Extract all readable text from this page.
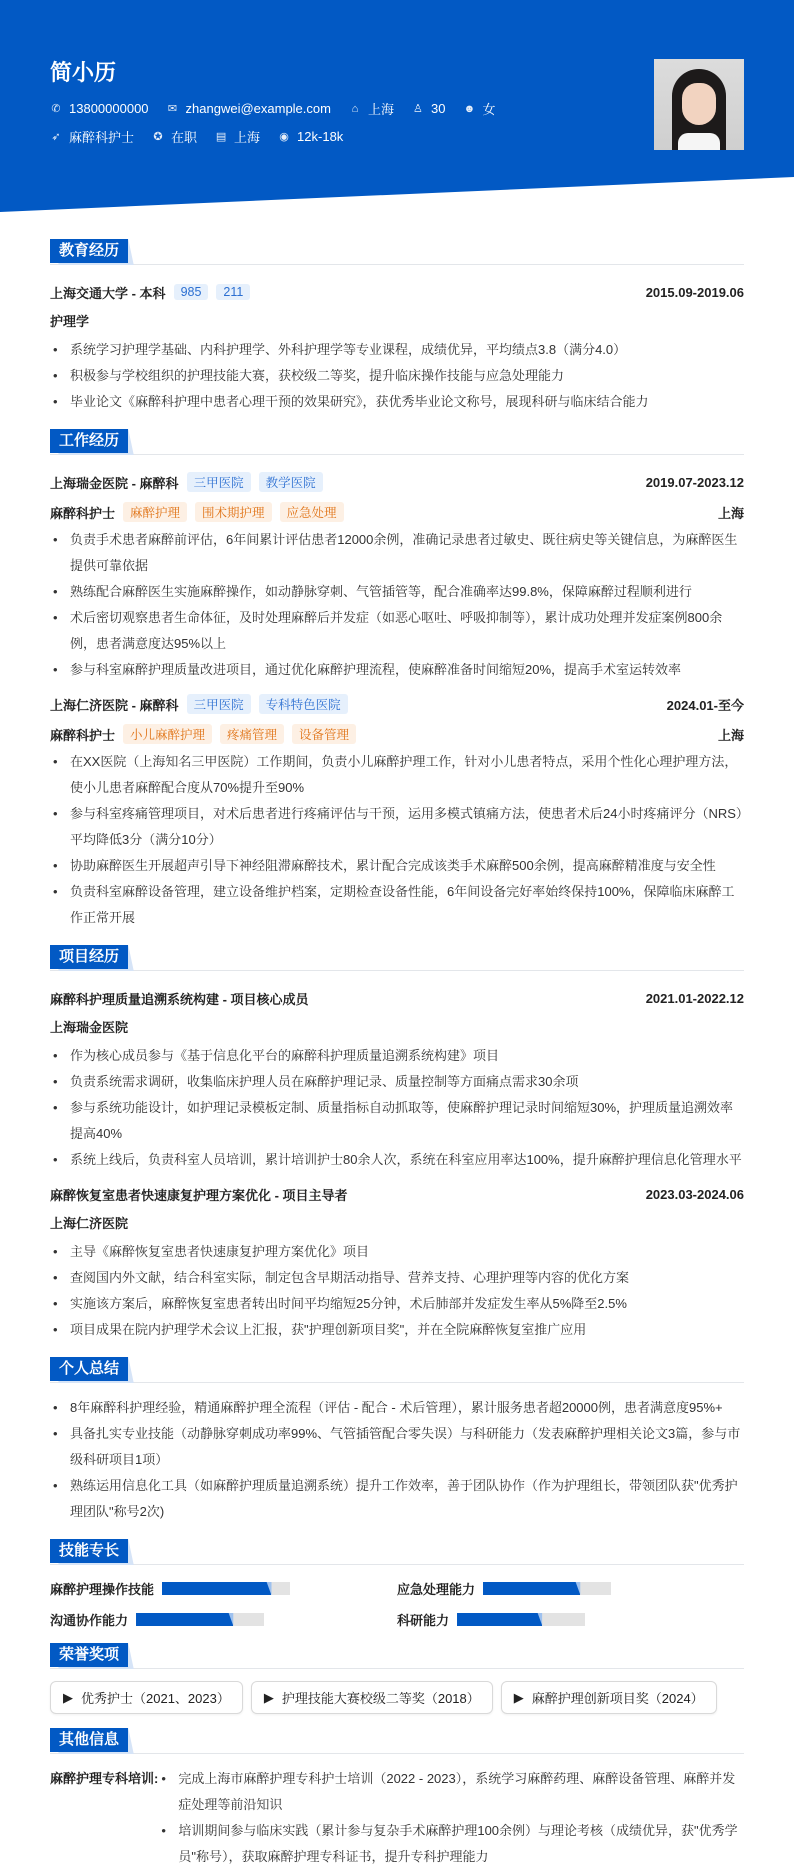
简小历
✆ 13800000000 ✉ zhangwei@example.com ⌂ 上海 ♙ 30 ☻ 女
➶ 麻醉科护士 ✪ 在职 ▤ 上海 ◉ 12k-18k
教育经历
上海交通大学 - 本科	985	211	2015.09-2019.06
护理学
• 系统学习护理学基础、内科护理学、外科护理学等专业课程，成绩优异，平均绩点3.8（满分4.0）
• 积极参与学校组织的护理技能大赛，获校级二等奖，提升临床操作技能与应急处理能力
• 毕业论文《麻醉科护理中患者心理干预的效果研究》，获优秀毕业论文称号，展现科研与临床结合能力
工作经历
上海瑞金医院 - 麻醉科	三甲医院	教学医院	2019.07-2023.12
麻醉科护士	麻醉护理	围术期护理	应急处理	上海
• 负责手术患者麻醉前评估，6年间累计评估患者12000余例，准确记录患者过敏史、既往病史等关键信息，为麻醉医生提供可靠依据
• 熟练配合麻醉医生实施麻醉操作，如动静脉穿刺、气管插管等，配合准确率达99.8%，保障麻醉过程顺利进行
• 术后密切观察患者生命体征，及时处理麻醉后并发症（如恶心呕吐、呼吸抑制等），累计成功处理并发症案例800余例，患者满意度达95%以上
• 参与科室麻醉护理质量改进项目，通过优化麻醉护理流程，使麻醉准备时间缩短20%，提高手术室运转效率
上海仁济医院 - 麻醉科	三甲医院	专科特色医院	2024.01-至今
麻醉科护士	小儿麻醉护理	疼痛管理	设备管理	上海
• 在XX医院（上海知名三甲医院）工作期间，负责小儿麻醉护理工作，针对小儿患者特点，采用个性化心理护理方法，使小儿患者麻醉配合度从70%提升至90%
• 参与科室疼痛管理项目，对术后患者进行疼痛评估与干预，运用多模式镇痛方法，使患者术后24小时疼痛评分（NRS）平均降低3分（满分10分）
• 协助麻醉医生开展超声引导下神经阻滞麻醉技术，累计配合完成该类手术麻醉500余例，提高麻醉精准度与安全性
• 负责科室麻醉设备管理，建立设备维护档案，定期检查设备性能，6年间设备完好率始终保持100%，保障临床麻醉工作正常开展
项目经历
麻醉科护理质量追溯系统构建 - 项目核心成员	2021.01-2022.12
上海瑞金医院
• 作为核心成员参与《基于信息化平台的麻醉科护理质量追溯系统构建》项目
• 负责系统需求调研，收集临床护理人员在麻醉护理记录、质量控制等方面痛点需求30余项
• 参与系统功能设计，如护理记录模板定制、质量指标自动抓取等，使麻醉护理记录时间缩短30%，护理质量追溯效率提高40%
• 系统上线后，负责科室人员培训，累计培训护士80余人次，系统在科室应用率达100%，提升麻醉护理信息化管理水平
麻醉恢复室患者快速康复护理方案优化 - 项目主导者	2023.03-2024.06
上海仁济医院
• 主导《麻醉恢复室患者快速康复护理方案优化》项目
• 查阅国内外文献，结合科室实际，制定包含早期活动指导、营养支持、心理护理等内容的优化方案
• 实施该方案后，麻醉恢复室患者转出时间平均缩短25分钟，术后肺部并发症发生率从5%降至2.5%
• 项目成果在院内护理学术会议上汇报，获"护理创新项目奖"，并在全院麻醉恢复室推广应用
个人总结
• 8年麻醉科护理经验，精通麻醉护理全流程（评估 - 配合 - 术后管理），累计服务患者超20000例，患者满意度95%+
• 具备扎实专业技能（动静脉穿刺成功率99%、气管插管配合零失误）与科研能力（发表麻醉护理相关论文3篇，参与市级科研项目1项）
• 熟练运用信息化工具（如麻醉护理质量追溯系统）提升工作效率，善于团队协作（作为护理组长，带领团队获"优秀护理团队"称号2次)
技能专长
麻醉护理操作技能	应急处理能力
沟通协作能力	科研能力
荣誉奖项
▶ 优秀护士（2021、2023）	▶ 护理技能大赛校级二等奖（2018）	▶ 麻醉护理创新项目奖（2024）
其他信息
麻醉护理专科培训:	• 完成上海市麻醉护理专科护士培训（2022 - 2023），系统学习麻醉药理、麻醉设备管理、麻醉并发症处理等前沿知识
• 培训期间参与临床实践（累计参与复杂手术麻醉护理100余例）与理论考核（成绩优异，获"优秀学员"称号），获取麻醉护理专科证书，提升专科护理能力
